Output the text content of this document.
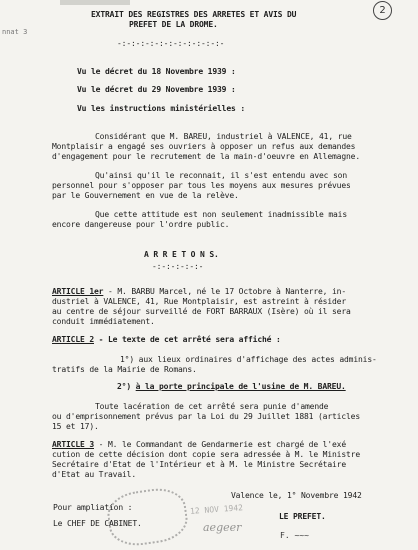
nnat 3
2
EXTRAIT DES REGISTRES DES ARRETES ET AVIS DU
PREFET DE LA DROME.
-:-:-:-:-:-:-:-:-:-:-:-
Vu le décret du 18 Novembre 1939 :
Vu le décret du 29 Novembre 1939 :
Vu les instructions ministérielles :
Considérant que M. BAREU, industriel à VALENCE, 41, rue
Montplaisir a engagé ses ouvriers à opposer un refus aux demandes
d'engagement pour le recrutement de la main-d'oeuvre en Allemagne.
Qu'ainsi qu'il le reconnait, il s'est entendu avec son
personnel pour s'opposer par tous les moyens aux mesures prévues
par le Gouvernement en vue de la relève.
Que cette attitude est non seulement inadmissible mais
encore dangereuse pour l'ordre public.
A R R E T O N S.
-:-:-:-:-:-
ARTICLE 1er - M. BARBU Marcel, né le 17 Octobre à Nanterre, in-
dustriel à VALENCE, 41, Rue Montplaisir, est astreint à résider
au centre de séjour surveillé de FORT BARRAUX (Isère) où il sera
conduit immédiatement.
ARTICLE 2 - Le texte de cet arrêté sera affiché :
1°) aux lieux ordinaires d'affichage des actes adminis-
tratifs de la Mairie de Romans.
2°) à la porte principale de l'usine de M. BAREU.
Toute lacération de cet arrêté sera punie d'amende
ou d'emprisonnement prévus par la Loi du 29 Juillet 1881 (articles
15 et 17).
ARTICLE 3 - M. le Commandant de Gendarmerie est chargé de l'exé
cution de cette décision dont copie sera adressée à M. le Ministre
Secrétaire d'Etat de l'Intérieur et à M. le Ministre Secrétaire
d'Etat au Travail.
12 NOV 1942
Valence le, 1° Novembre 1942
Pour ampliation :
Le CHEF DE CABINET.
LE PREFET.
aegeer
F. ~~~
